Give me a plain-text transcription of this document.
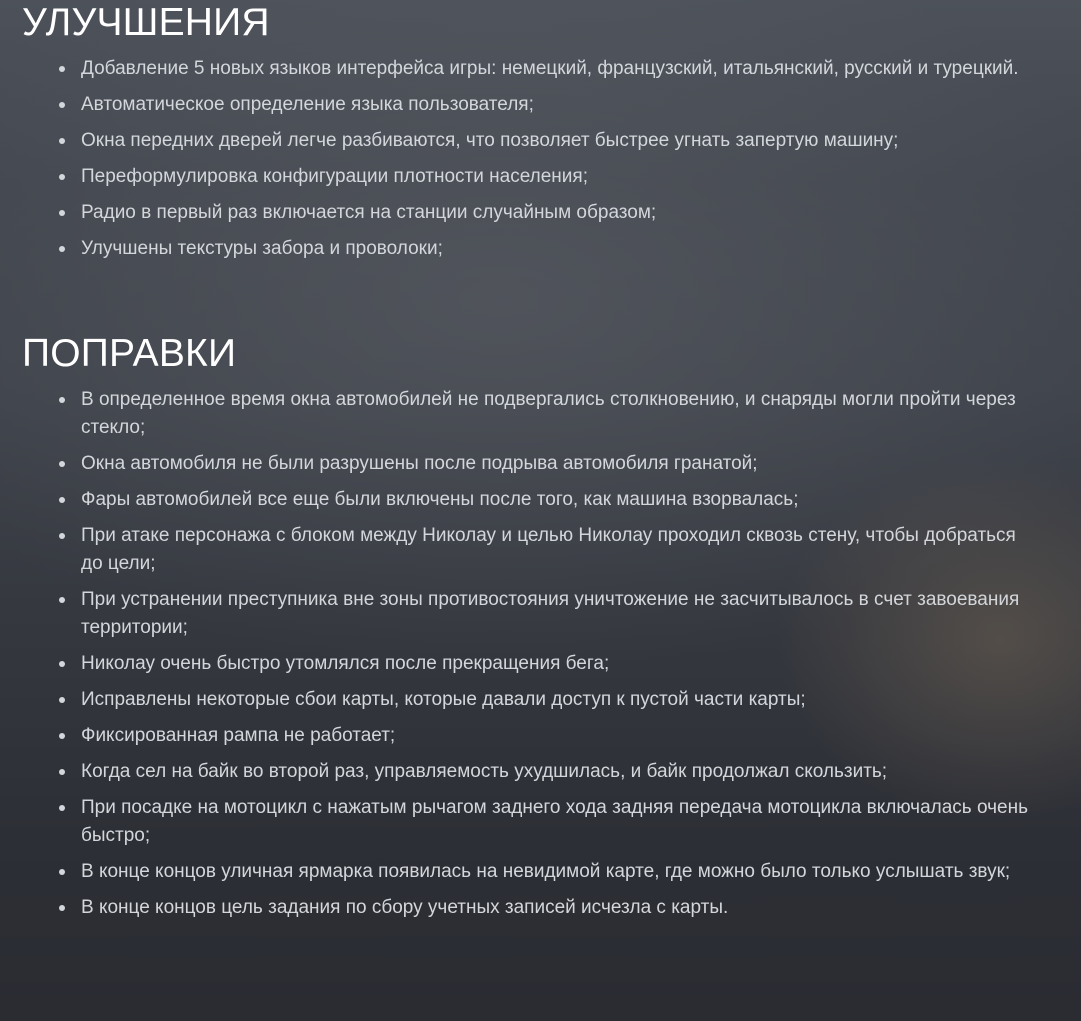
УЛУЧШЕНИЯ
Добавление 5 новых языков интерфейса игры: немецкий, французский, итальянский, русский и турецкий.
Автоматическое определение языка пользователя;
Окна передних дверей легче разбиваются, что позволяет быстрее угнать запертую машину;
Переформулировка конфигурации плотности населения;
Радио в первый раз включается на станции случайным образом;
Улучшены текстуры забора и проволоки;
ПОПРАВКИ
В определенное время окна автомобилей не подвергались столкновению, и снаряды могли пройти через стекло;
Окна автомобиля не были разрушены после подрыва автомобиля гранатой;
Фары автомобилей все еще были включены после того, как машина взорвалась;
При атаке персонажа с блоком между Николау и целью Николау проходил сквозь стену, чтобы добраться до цели;
При устранении преступника вне зоны противостояния уничтожение не засчитывалось в счет завоевания территории;
Николау очень быстро утомлялся после прекращения бега;
Исправлены некоторые сбои карты, которые давали доступ к пустой части карты;
Фиксированная рампа не работает;
Когда сел на байк во второй раз, управляемость ухудшилась, и байк продолжал скользить;
При посадке на мотоцикл с нажатым рычагом заднего хода задняя передача мотоцикла включалась очень быстро;
В конце концов уличная ярмарка появилась на невидимой карте, где можно было только услышать звук;
В конце концов цель задания по сбору учетных записей исчезла с карты.
